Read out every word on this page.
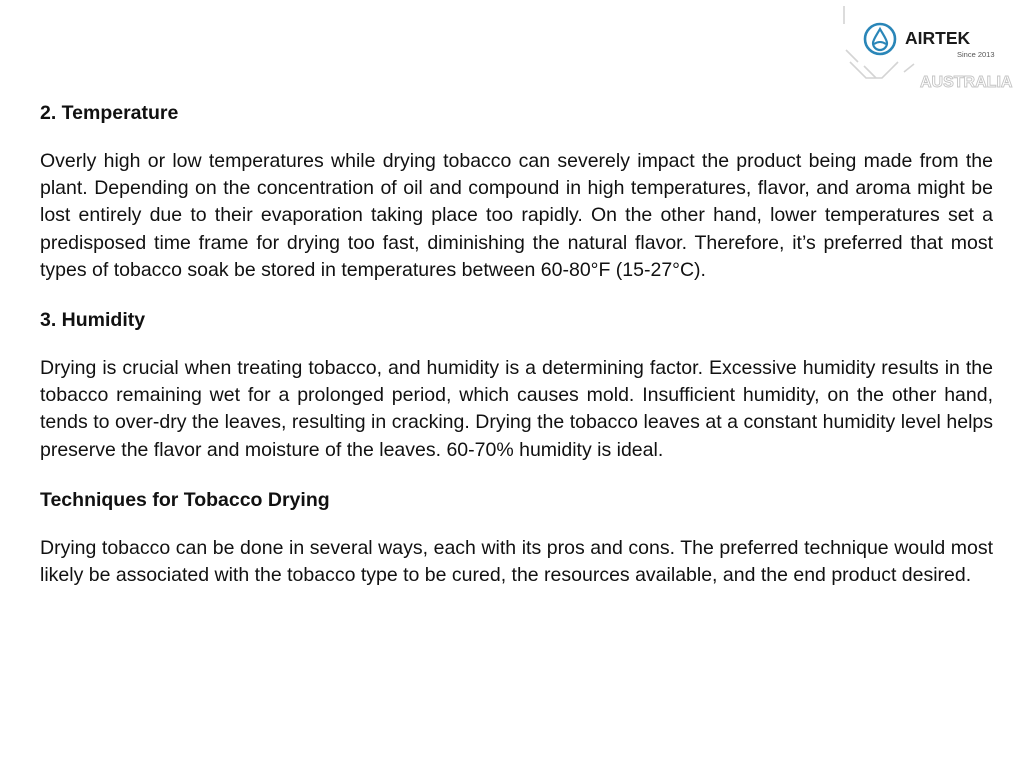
AIRTEK
Since 2013
AUSTRALIA
2. Temperature

Overly high or low temperatures while drying tobacco can severely impact the product being made from the plant. Depending on the concentration of oil and compound in high temperatures, flavor, and aroma might be lost entirely due to their evaporation taking place too rapidly. On the other hand, lower temperatures set a predisposed time frame for drying too fast, diminishing the natural flavor. Therefore, it’s preferred that most types of tobacco soak be stored in temperatures between 60-80°F (15-27°C).

3. Humidity

Drying is crucial when treating tobacco, and humidity is a determining factor. Excessive humidity results in the tobacco remaining wet for a prolonged period, which causes mold. Insufficient humidity, on the other hand, tends to over-dry the leaves, resulting in cracking. Drying the tobacco leaves at a constant humidity level helps preserve the flavor and moisture of the leaves. 60-70% humidity is ideal.

Techniques for Tobacco Drying

Drying tobacco can be done in several ways, each with its pros and cons. The preferred technique would most likely be associated with the tobacco type to be cured, the resources available, and the end product desired.
